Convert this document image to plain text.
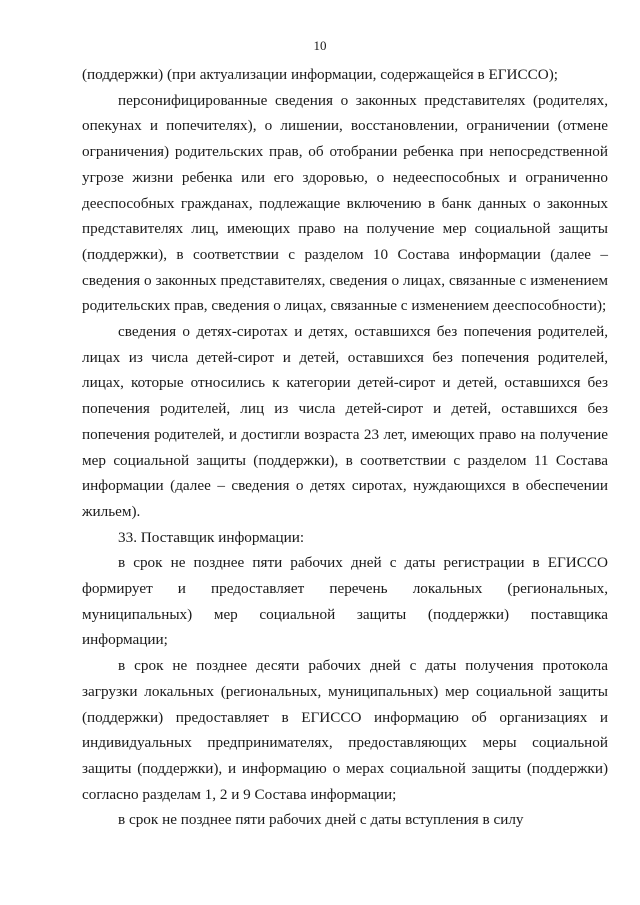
10

(поддержки) (при актуализации информации, содержащейся в ЕГИССО);

персонифицированные сведения о законных представителях (родителях, опекунах и попечителях), о лишении, восстановлении, ограничении (отмене ограничения) родительских прав, об отобрании ребенка при непосредственной угрозе жизни ребенка или его здоровью, о недееспособных и ограниченно дееспособных гражданах, подлежащие включению в банк данных о законных представителях лиц, имеющих право на получение мер социальной защиты (поддержки), в соответствии с разделом 10 Состава информации (далее – сведения о законных представителях, сведения о лицах, связанные с изменением родительских прав, сведения о лицах, связанные с изменением дееспособности);

сведения о детях-сиротах и детях, оставшихся без попечения родителей, лицах из числа детей-сирот и детей, оставшихся без попечения родителей, лицах, которые относились к категории детей-сирот и детей, оставшихся без попечения родителей, лиц из числа детей-сирот и детей, оставшихся без попечения родителей, и достигли возраста 23 лет, имеющих право на получение мер социальной защиты (поддержки), в соответствии с разделом 11 Состава информации (далее – сведения о детях сиротах, нуждающихся в обеспечении жильем).

33. Поставщик информации:

в срок не позднее пяти рабочих дней с даты регистрации в ЕГИССО формирует и предоставляет перечень локальных (региональных, муниципальных) мер социальной защиты (поддержки) поставщика информации;

в срок не позднее десяти рабочих дней с даты получения протокола загрузки локальных (региональных, муниципальных) мер социальной защиты (поддержки) предоставляет в ЕГИССО информацию об организациях и индивидуальных предпринимателях, предоставляющих меры социальной защиты (поддержки), и информацию о мерах социальной защиты (поддержки) согласно разделам 1, 2 и 9 Состава информации;

в срок не позднее пяти рабочих дней с даты вступления в силу
